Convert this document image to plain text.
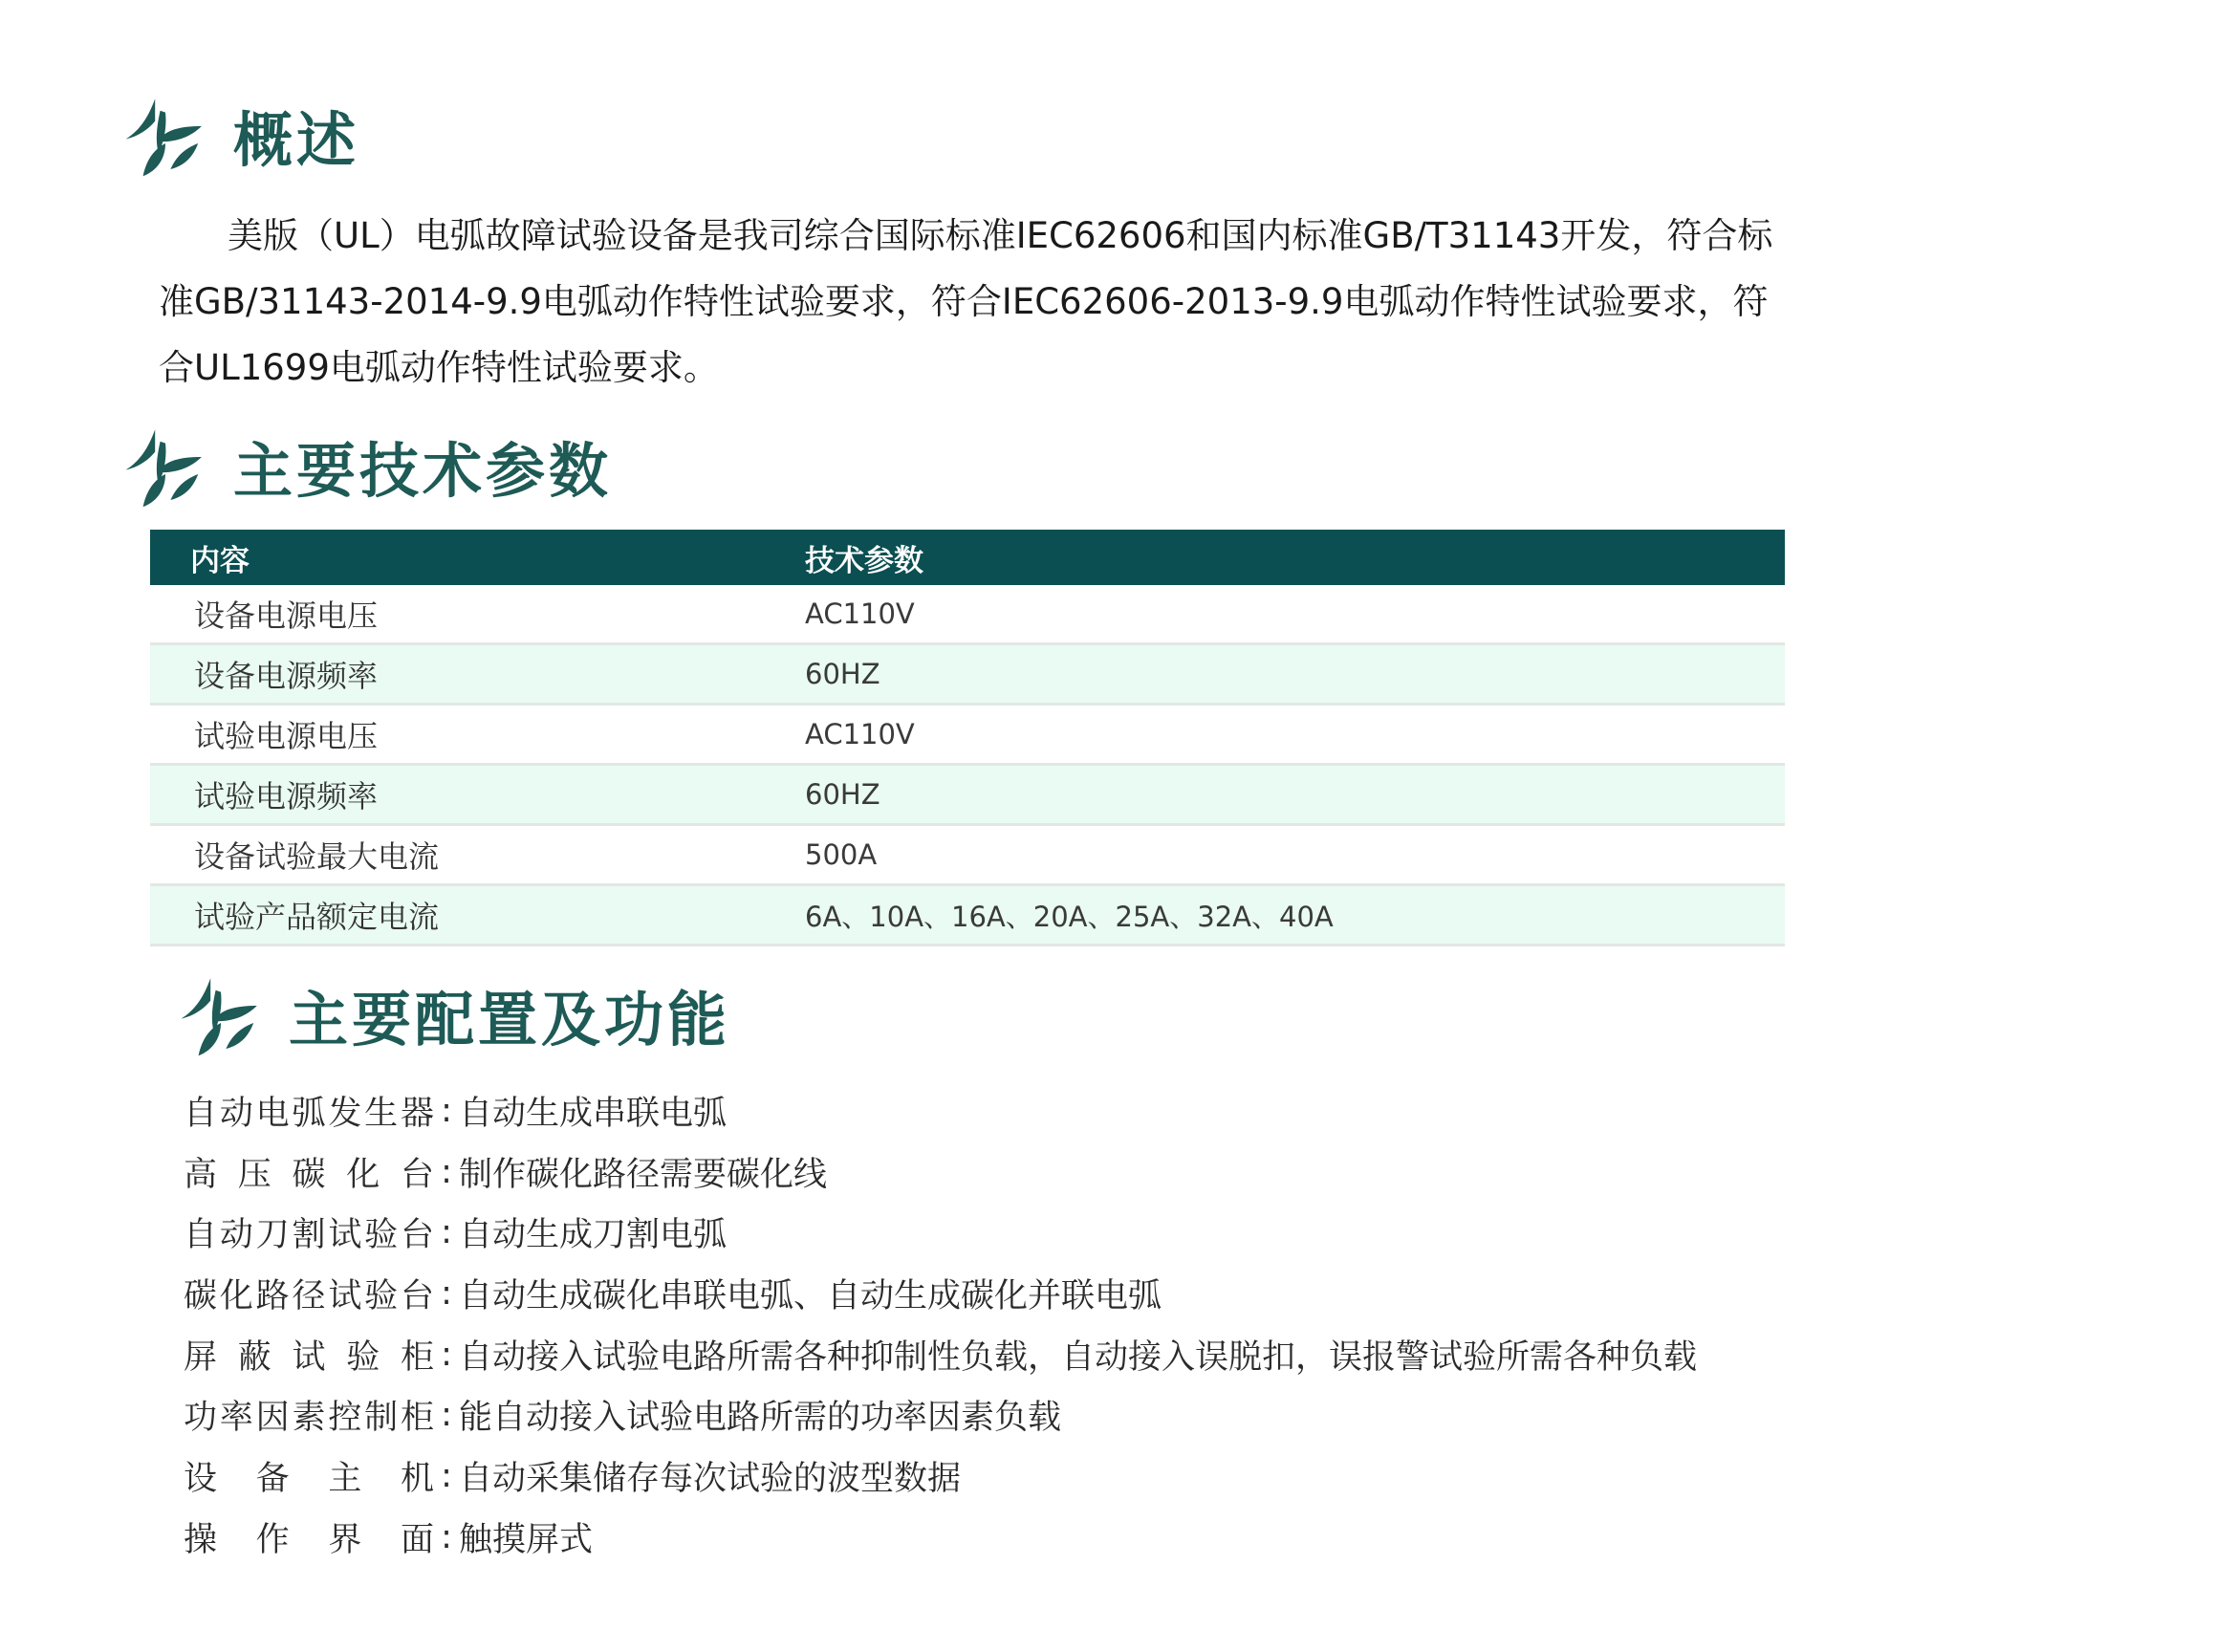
概述

美版（UL）电弧故障试验设备是我司综合国际标准IEC62606和国内标准GB/T31143开发，符合标准GB/31143-2014-9.9电弧动作特性试验要求，符合IEC62606-2013-9.9电弧动作特性试验要求，符合UL1699电弧动作特性试验要求。

主要技术参数
内容	技术参数
设备电源电压	AC110V
设备电源频率	60HZ
试验电源电压	AC110V
试验电源频率	60HZ
设备试验最大电流	500A
试验产品额定电流	6A、10A、16A、20A、25A、32A、40A
主要配置及功能
自动电弧发生器 : 自动生成串联电弧
高压碳化台 : 制作碳化路径需要碳化线
自动刀割试验台 : 自动生成刀割电弧
碳化路径试验台 : 自动生成碳化串联电弧、自动生成碳化并联电弧
屏蔽试验柜 : 自动接入试验电路所需各种抑制性负载，自动接入误脱扣，误报警试验所需各种负载
功率因素控制柜 : 能自动接入试验电路所需的功率因素负载
设备主机 : 自动采集储存每次试验的波型数据
操作界面 : 触摸屏式
